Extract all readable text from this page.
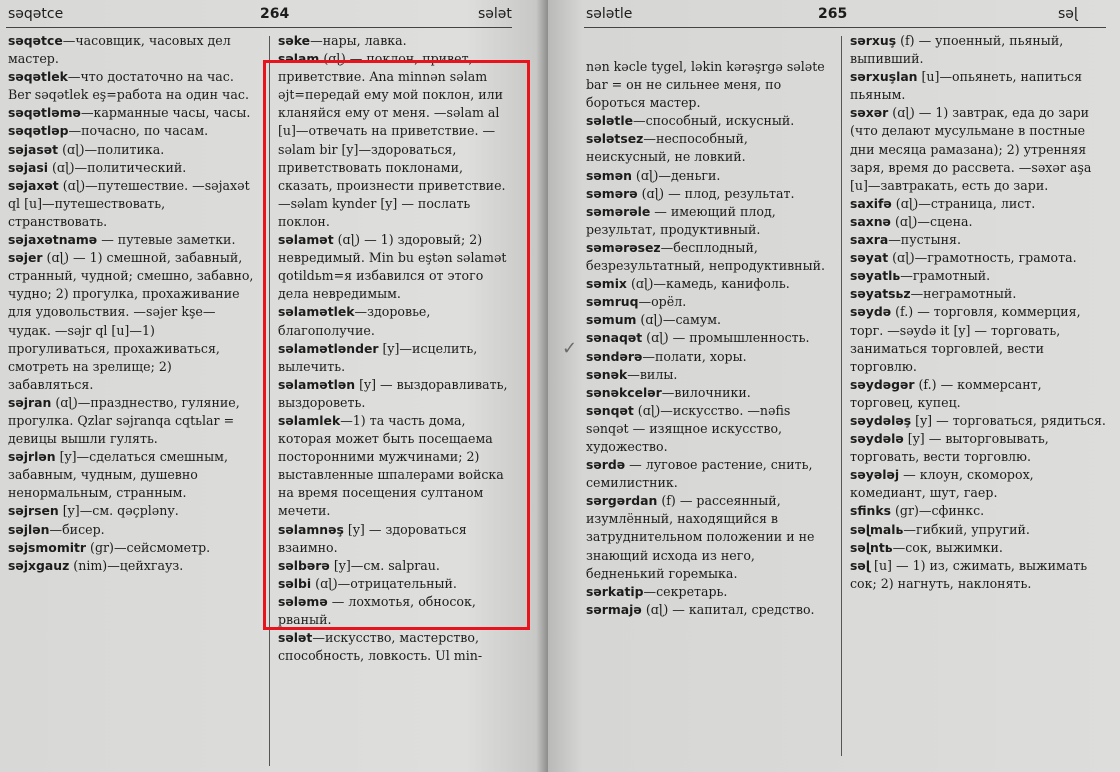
səqətce	264	sələt

səqətce—часовщик, часовых дел мастер.

səqətlek—что достаточно на час. Вer səqətlek eş=работа на один час.

səqətləmə—карманные часы, часы.

səqətləp—почасно, по часам.

səjasət (ɑɭ)—политика.

səjasi (ɑɭ)—политический.

səjaxət (ɑɭ)—путешествие. —səjaxət ql [u]—путешествовать, странствовать.

səjaxətnamə — путевые заметки.

səjer (ɑɭ) — 1) смешной, забавный, странный, чудной; смешно, забавно, чудно; 2) прогулка, прохаживание для удовольствия. —səjer kşe—чудак. —səjr ql [u]—1) прогуливаться, прохаживаться, смотреть на зрелище; 2) забавляться.

səjran (ɑɭ)—празднество, гуляние, прогулка. Qzlar səjranqa cqtьlar = девицы вышли гулять.

səjrlən [y]—сделаться смешным, забавным, чудным, душевно ненормальным, странным.

səjrsen [y]—см. qəçplənу.

səjlən—бисер.

səjsmomitr (gr)—сейсмометр.

səjxgauz (nim)—цейхгауз.

səke—нары, лавка.

səlam (ɑɭ) — поклон, привет, приветствие. Ana minnən səlam əjt=передай ему мой поклон, или кланяйся ему от меня. —səlam al [u]—отвечать на приветствие. —səlam bir [y]—здороваться, приветствовать поклонами, сказать, произнести приветствие. —səlam kynder [y] — послать поклон.

səlamət (ɑɭ) — 1) здоровый; 2) невредимый. Min bu eştən səlamət qotildьm=я избавился от этого дела невредимым.

səlamətlek—здоровье, благополучие.

səlamətlənder [y]—исцелить, вылечить.

səlamətlən [y] — выздоравливать, выздороветь.

səlamlek—1) та часть дома, которая может быть посещаема посторонними мужчинами; 2) выставленные шпалерами войска на время посещения султаном мечети.

səlamnəş [y] — здороваться взаимно.

səlbərə [y]—см. salprau.

səlbi (ɑɭ)—отрицательный.

sələmə — лохмотья, обносок, рваный.

sələt—искусство, мастерство, способность, ловкость. Ul min-

sələtle	265	səɭ

nən kəcle tygel, ləkin kərəşrgə sələte bar = он не сильнее меня, по бороться мастер.

sələtle—способный, искусный.

sələtsez—неспособный, неискусный, не ловкий.

səmən (ɑɭ)—деньги.

səmərə (ɑɭ) — плод, результат.

səmərəle — имеющий плод, результат, продуктивный.

səmərəsez—бесплодный, безрезультатный, непродуктивный.

səmix (ɑɭ)—камедь, канифоль.

səmruq—орёл.

səmum (ɑɭ)—самум.

sənaqət (ɑɭ) — промышленность.

səndərə—полати, хоры.

sənək—вилы.

sənəkcelər—вилочники.

sənqət (ɑɭ)—искусство. —nəfis sənqət — изящное искусство, художество.

sərdə — луговое растение, снить, семилистник.

sərgərdan (f) — рассеянный, изумлённый, находящийся в затруднительном положении и не знающий исхода из него, бедненький горемыка.

sərkatip—секретарь.

sərmajə (ɑɭ) — капитал, средство.

sərxuş (f) — упоенный, пьяный, выпивший.

sərxuşlan [u]—опьянеть, напиться пьяным.

səxər (ɑɭ) — 1) завтрак, еда до зари (что делают мусульмане в постные дни месяца рамазана); 2) утренняя заря, время до рассвета. —səxər aşa [u]—завтракать, есть до зари.

saxifə (ɑɭ)—страница, лист.

saxnə (ɑɭ)—сцена.

saxra—пустыня.

səyat (ɑɭ)—грамотность, грамота.

səyatlь—грамотный.

səyatsьz—неграмотный.

səydə (f.) — торговля, коммерция, торг. —səydə it [y] — торговать, заниматься торговлей, вести торговлю.

səydəgər (f.) — коммерсант, торговец, купец.

səydələş [y] — торговаться, рядиться.

səydələ [y] — выторговывать, торговать, вести торговлю.

səyələj — клоун, скоморох, комедиант, шут, гаер.

sfinks (gr)—сфинкс.

səɭmalь—гибкий, упругий.

səɭntь—сок, выжимки.

səɭ [u] — 1) из, сжимать, выжимать сок; 2) нагнуть, наклонять.

✓
